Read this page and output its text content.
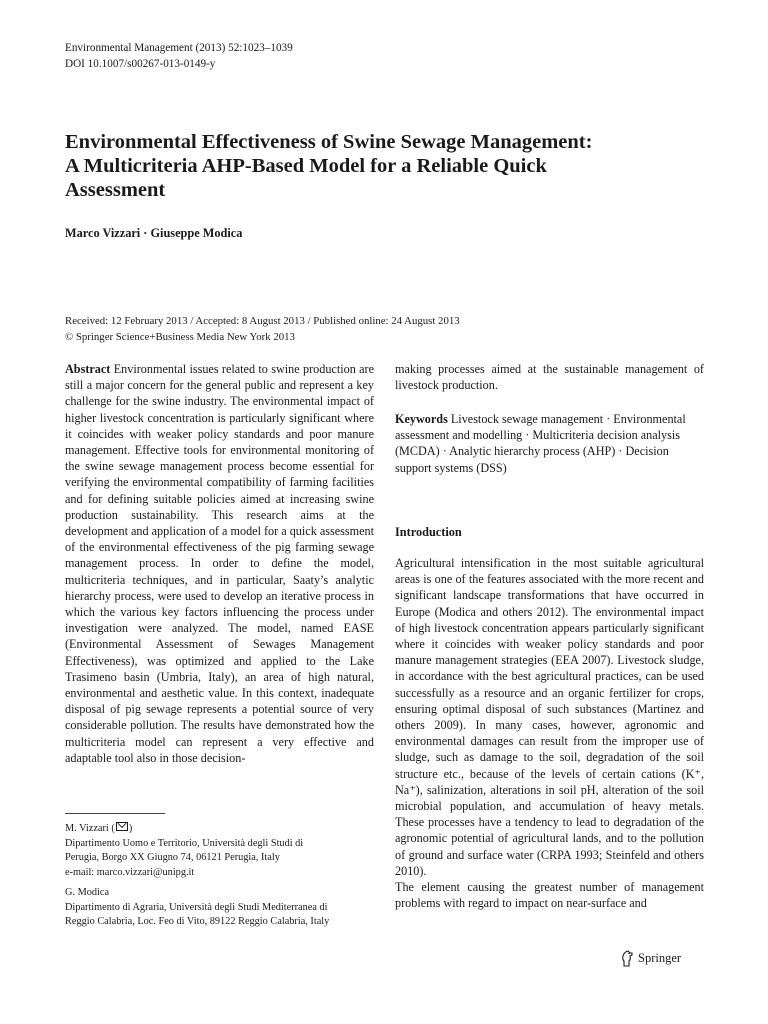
Environmental Management (2013) 52:1023–1039
DOI 10.1007/s00267-013-0149-y
Environmental Effectiveness of Swine Sewage Management:
A Multicriteria AHP-Based Model for a Reliable Quick
Assessment
Marco Vizzari · Giuseppe Modica
Received: 12 February 2013 / Accepted: 8 August 2013 / Published online: 24 August 2013
© Springer Science+Business Media New York 2013

Abstract Environmental issues related to swine production are still a major concern for the general public and represent a key challenge for the swine industry. The environmental impact of higher livestock concentration is particularly significant where it coincides with weaker policy standards and poor manure management. Effective tools for environmental monitoring of the swine sewage management process become essential for verifying the environmental compatibility of farming facilities and for defining suitable policies aimed at increasing swine production sustainability. This research aims at the development and application of a model for a quick assessment of the environmental effectiveness of the pig farming sewage management process. In order to define the model, multicriteria techniques, and in particular, Saaty’s analytic hierarchy process, were used to develop an iterative process in which the various key factors influencing the process under investigation were analyzed. The model, named EASE (Environmental Assessment of Sewages Management Effectiveness), was optimized and applied to the Lake Trasimeno basin (Umbria, Italy), an area of high natural, environmental and aesthetic value. In this context, inadequate disposal of pig sewage represents a potential source of very considerable pollution. The results have demonstrated how the multicriteria model can represent a very effective and adaptable tool also in those decision-

making processes aimed at the sustainable management of livestock production.

Keywords Livestock sewage management · Environmental assessment and modelling · Multicriteria decision analysis (MCDA) · Analytic hierarchy process (AHP) · Decision support systems (DSS)
Introduction

Agricultural intensification in the most suitable agricultural areas is one of the features associated with the more recent and significant landscape transformations that have occurred in Europe (Modica and others 2012). The environmental impact of high livestock concentration appears particularly significant where it coincides with weaker policy standards and poor manure management strategies (EEA 2007). Livestock sludge, in accordance with the best agricultural practices, can be used successfully as a resource and an organic fertilizer for crops, ensuring optimal disposal of such substances (Martinez and others 2009). In many cases, however, agronomic and environmental damages can result from the improper use of sludge, such as damage to the soil, degradation of the soil structure etc., because of the levels of certain cations (K⁺, Na⁺), salinization, alterations in soil pH, alteration of the soil microbial population, and accumulation of heavy metals. These processes have a tendency to lead to degradation of the agronomic potential of agricultural lands, and to the pollution of ground and surface water (CRPA 1993; Steinfeld and others 2010).
The element causing the greatest number of management problems with regard to impact on near-surface and

M. Vizzari ( )
Dipartimento Uomo e Territorio, Università degli Studi di
Perugia, Borgo XX Giugno 74, 06121 Perugia, Italy
e-mail: marco.vizzari@unipg.it
G. Modica
Dipartimento di Agraria, Università degli Studi Mediterranea di
Reggio Calabria, Loc. Feo di Vito, 89122 Reggio Calabria, Italy
Springer
